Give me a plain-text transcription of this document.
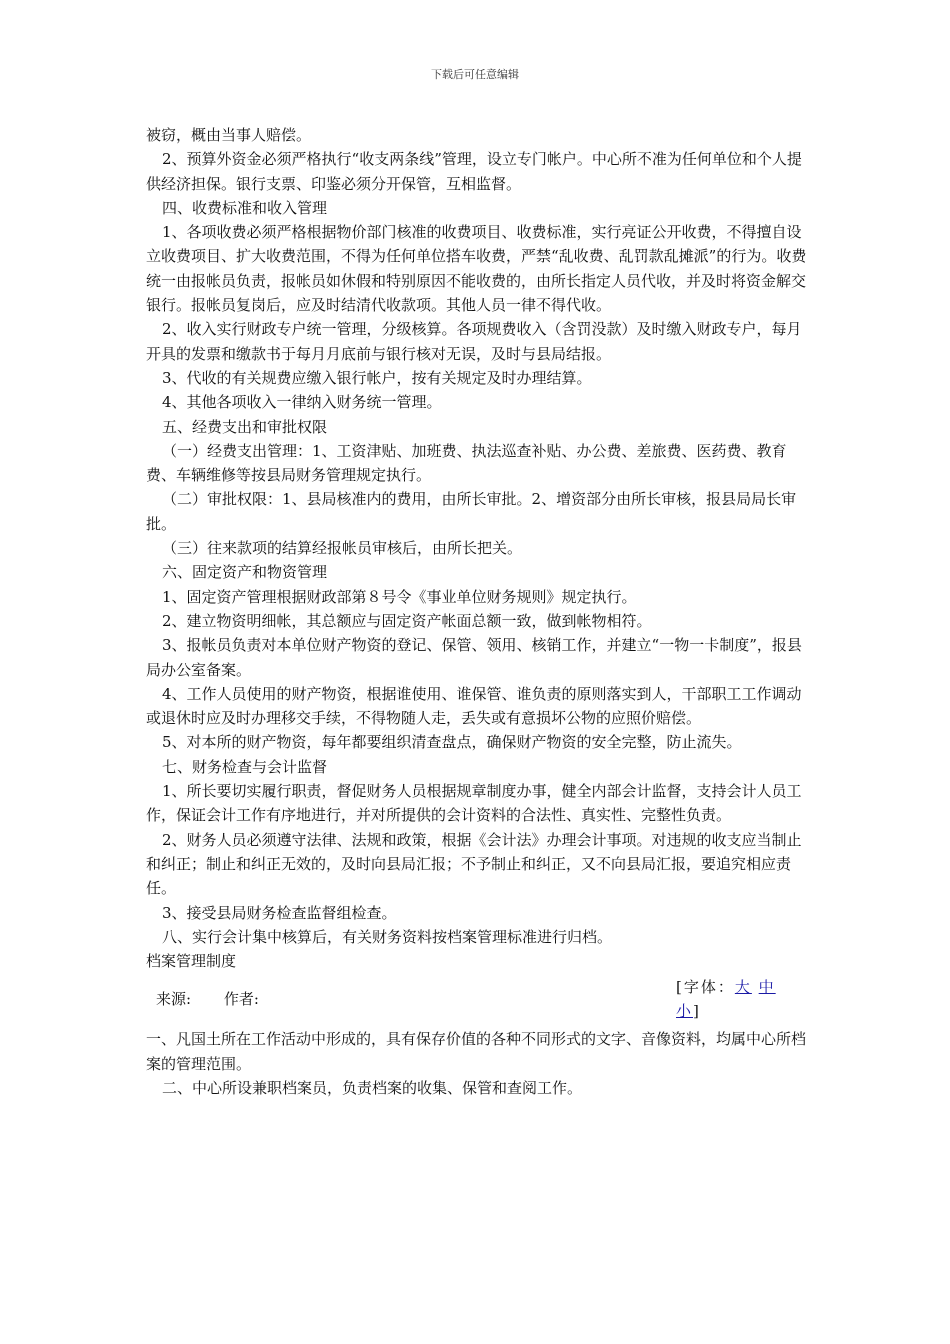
下载后可任意编辑

被窃，概由当事人赔偿。

2、预算外资金必须严格执行“收支两条线”管理，设立专门帐户。中心所不准为任何单位和个人提供经济担保。银行支票、印鉴必须分开保管，互相监督。

四、收费标准和收入管理

1、各项收费必须严格根据物价部门核准的收费项目、收费标准，实行亮证公开收费，不得擅自设立收费项目、扩大收费范围，不得为任何单位搭车收费，严禁“乱收费、乱罚款乱摊派”的行为。收费统一由报帐员负责，报帐员如休假和特别原因不能收费的，由所长指定人员代收，并及时将资金解交银行。报帐员复岗后，应及时结清代收款项。其他人员一律不得代收。

2、收入实行财政专户统一管理，分级核算。各项规费收入（含罚没款）及时缴入财政专户，每月开具的发票和缴款书于每月月底前与银行核对无误，及时与县局结报。

3、代收的有关规费应缴入银行帐户，按有关规定及时办理结算。

4、其他各项收入一律纳入财务统一管理。

五、经费支出和审批权限

（一）经费支出管理：1、工资津贴、加班费、执法巡查补贴、办公费、差旅费、医药费、教育费、车辆维修等按县局财务管理规定执行。

（二）审批权限：1、县局核准内的费用，由所长审批。2、增资部分由所长审核，报县局局长审批。

（三）往来款项的结算经报帐员审核后，由所长把关。

六、固定资产和物资管理

1、固定资产管理根据财政部第８号令《事业单位财务规则》规定执行。

2、建立物资明细帐，其总额应与固定资产帐面总额一致，做到帐物相符。

3、报帐员负责对本单位财产物资的登记、保管、领用、核销工作，并建立“一物一卡制度”，报县局办公室备案。

4、工作人员使用的财产物资，根据谁使用、谁保管、谁负责的原则落实到人，干部职工工作调动或退休时应及时办理移交手续，不得物随人走，丢失或有意损坏公物的应照价赔偿。

5、对本所的财产物资，每年都要组织清查盘点，确保财产物资的安全完整，防止流失。

七、财务检查与会计监督

1、所长要切实履行职责，督促财务人员根据规章制度办事，健全内部会计监督，支持会计人员工作，保证会计工作有序地进行，并对所提供的会计资料的合法性、真实性、完整性负责。

2、财务人员必须遵守法律、法规和政策，根据《会计法》办理会计事项。对违规的收支应当制止和纠正；制止和纠正无效的，及时向县局汇报；不予制止和纠正，又不向县局汇报，要追究相应责任。

3、接受县局财务检查监督组检查。

八、实行会计集中核算后，有关财务资料按档案管理标准进行归档。

档案管理制度

来源: 作者:
[字体：大 中
小]

一、凡国土所在工作活动中形成的，具有保存价值的各种不同形式的文字、音像资料，均属中心所档案的管理范围。

二、中心所设兼职档案员，负责档案的收集、保管和查阅工作。
